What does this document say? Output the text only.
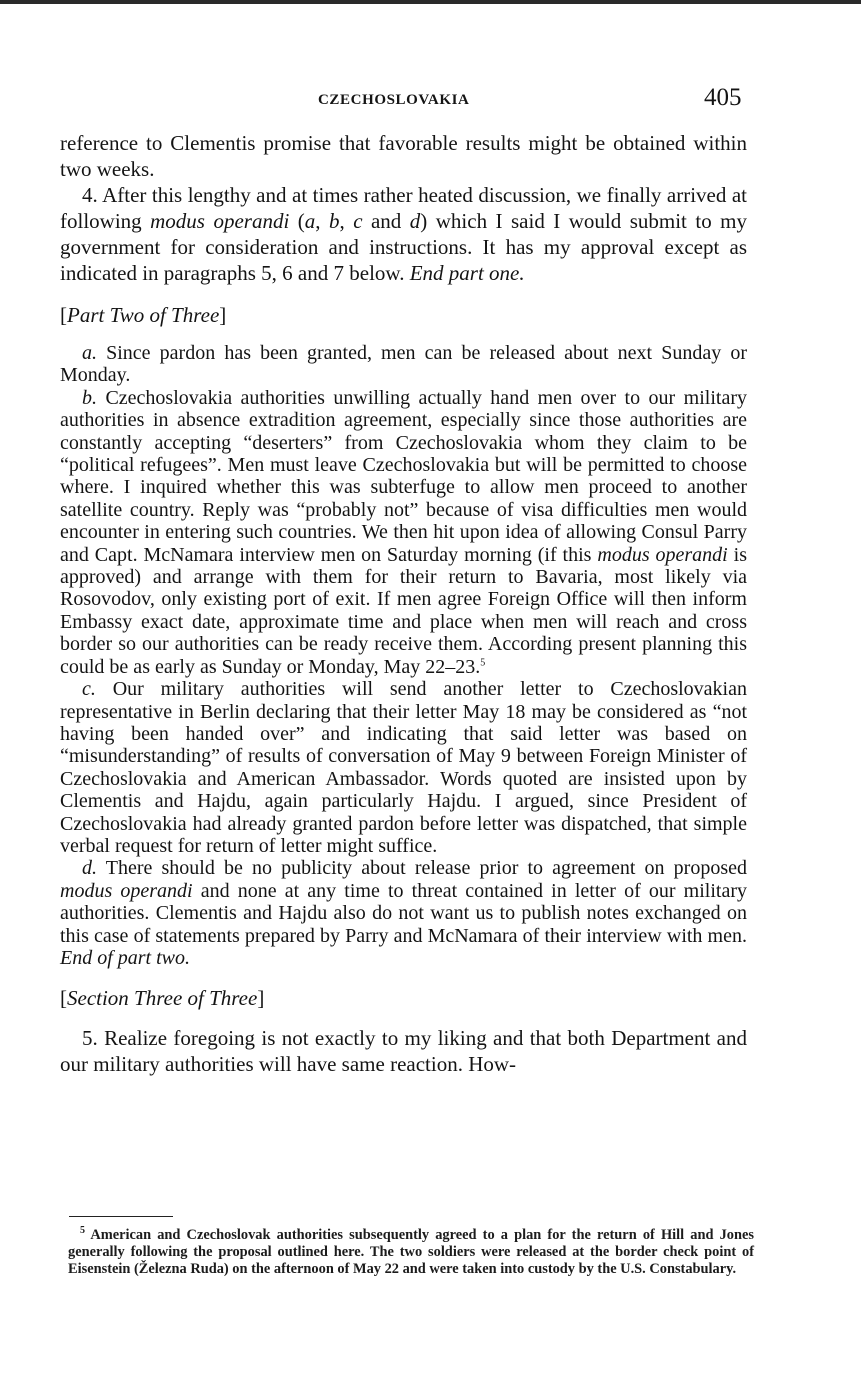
CZECHOSLOVAKIA	405

reference to Clementis promise that favorable results might be obtained within two weeks.

4. After this lengthy and at times rather heated discussion, we finally arrived at following modus operandi (a, b, c and d) which I said I would submit to my government for consideration and instructions. It has my approval except as indicated in paragraphs 5, 6 and 7 below. End part one.

[Part Two of Three]

a. Since pardon has been granted, men can be released about next Sunday or Monday.

b. Czechoslovakia authorities unwilling actually hand men over to our military authorities in absence extradition agreement, especially since those authorities are constantly accepting “deserters” from Czechoslovakia whom they claim to be “political refugees”. Men must leave Czechoslovakia but will be permitted to choose where. I inquired whether this was subterfuge to allow men proceed to another satellite country. Reply was “probably not” because of visa difficulties men would encounter in entering such countries. We then hit upon idea of allowing Consul Parry and Capt. McNamara interview men on Saturday morning (if this modus operandi is approved) and arrange with them for their return to Bavaria, most likely via Rosovodov, only existing port of exit. If men agree Foreign Office will then inform Embassy exact date, approximate time and place when men will reach and cross border so our authorities can be ready receive them. According present planning this could be as early as Sunday or Monday, May 22–23.$^5$

c. Our military authorities will send another letter to Czechoslovakian representative in Berlin declaring that their letter May 18 may be considered as “not having been handed over” and indicating that said letter was based on “misunderstanding” of results of conversation of May 9 between Foreign Minister of Czechoslovakia and American Ambassador. Words quoted are insisted upon by Clementis and Hajdu, again particularly Hajdu. I argued, since President of Czechoslovakia had already granted pardon before letter was dispatched, that simple verbal request for return of letter might suffice.

d. There should be no publicity about release prior to agreement on proposed modus operandi and none at any time to threat contained in letter of our military authorities. Clementis and Hajdu also do not want us to publish notes exchanged on this case of statements prepared by Parry and McNamara of their interview with men. End of part two.

[Section Three of Three]

5. Realize foregoing is not exactly to my liking and that both Department and our military authorities will have same reaction. How-

$^5$ American and Czechoslovak authorities subsequently agreed to a plan for the return of Hill and Jones generally following the proposal outlined here. The two soldiers were released at the border check point of Eisenstein (Železna Ruda) on the afternoon of May 22 and were taken into custody by the U.S. Constabulary.
